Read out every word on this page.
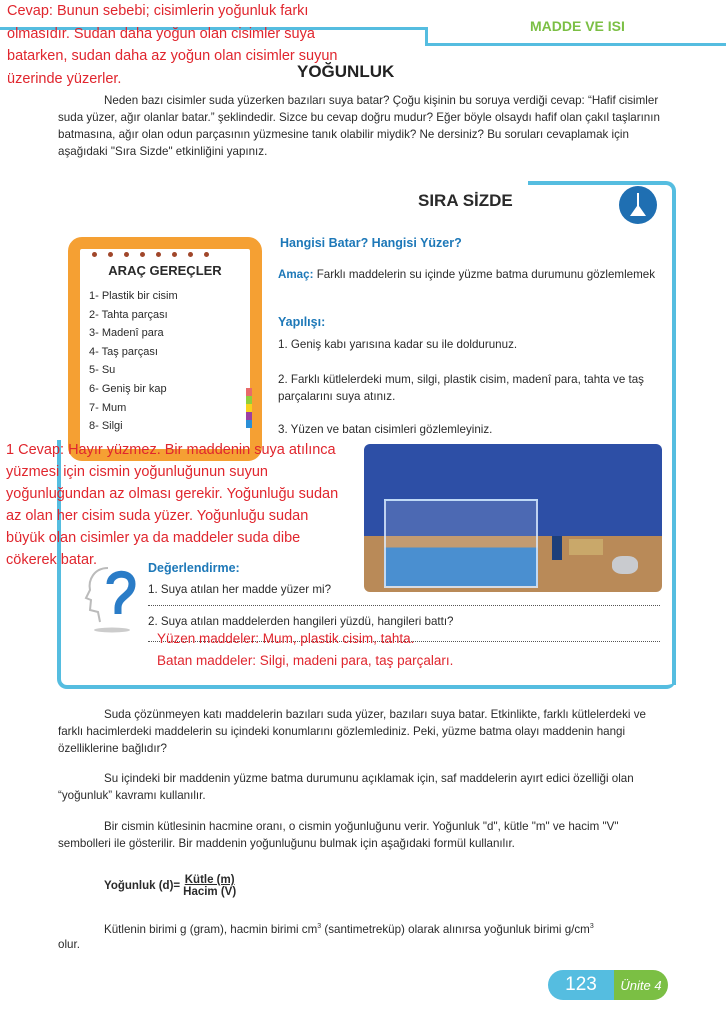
MADDE VE ISI
Cevap: Bunun sebebi; cisimlerin yoğunluk farkı
olmasıdır. Sudan daha yoğun olan cisimler suya
batarken, sudan daha az yoğun olan cisimler suyun
üzerinde yüzerler.	YOĞUNLUK
Neden bazı cisimler suda yüzerken bazıları suya batar? Çoğu kişinin bu soruya verdiği cevap: “Hafif cisimler suda yüzer, ağır olanlar batar.” şeklindedir. Sizce bu cevap doğru mudur? Eğer böyle olsaydı hafif olan çakıl taşlarının batmasına, ağır olan odun parçasının yüzmesine tanık olabilir miydik? Ne dersiniz? Bu soruları cevaplamak için aşağıdaki "Sıra Sizde" etkinliğini yapınız.
SIRA SİZDE
ARAÇ GEREÇLER
1- Plastik bir cisim
2- Tahta parçası
3- Madenî para
4- Taş parçası
5- Su
6- Geniş bir kap
7- Mum
8- Silgi
Hangisi Batar? Hangisi Yüzer?
Amaç: Farklı maddelerin su içinde yüzme batma durumunu gözlemlemek
Yapılışı:
1. Geniş kabı yarısına kadar su ile doldurunuz.
2. Farklı kütlelerdeki mum, silgi, plastik cisim, madenî para, tahta ve taş parçalarını suya atınız.
3. Yüzen ve batan cisimleri gözlemleyiniz.
1 Cevap: Hayır yüzmez. Bir maddenin suya atılınca
yüzmesi için cismin yoğunluğunun suyun
yoğunluğundan az olması gerekir. Yoğunluğu sudan
az olan her cisim suda yüzer. Yoğunluğu sudan
büyük olan cisimler ya da maddeler suda dibe
cökerek batar.	Değerlendirme:
1. Suya atılan her madde yüzer mi?
2. Suya atılan maddelerden hangileri yüzdü, hangileri battı?
Yüzen maddeler: Mum, plastik cisim, tahta.
Batan maddeler: Silgi, madeni para, taş parçaları.
Suda çözünmeyen katı maddelerin bazıları suda yüzer, bazıları suya batar. Etkinlikte, farklı kütlelerdeki ve farklı hacimlerdeki maddelerin su içindeki konumlarını gözlemlediniz. Peki, yüzme batma olayı maddenin hangi özelliklerine bağlıdır?
Su içindeki bir maddenin yüzme batma durumunu açıklamak için, saf maddelerin ayırt edici özelliği olan “yoğunluk” kavramı kullanılır.
Bir cismin kütlesinin hacmine oranı, o cismin yoğunluğunu verir. Yoğunluk "d", kütle "m" ve hacim "V" sembolleri ile gösterilir. Bir maddenin yoğunluğunu bulmak için aşağıdaki formül kullanılır.
Yoğunluk (d)= Kütle (m)
Hacim (V)
Kütlenin birimi g (gram), hacmin birimi $cm^3$ (santimetreküp) olarak alınırsa yoğunluk birimi $g/cm^3$
olur.
123	Ünite 4
